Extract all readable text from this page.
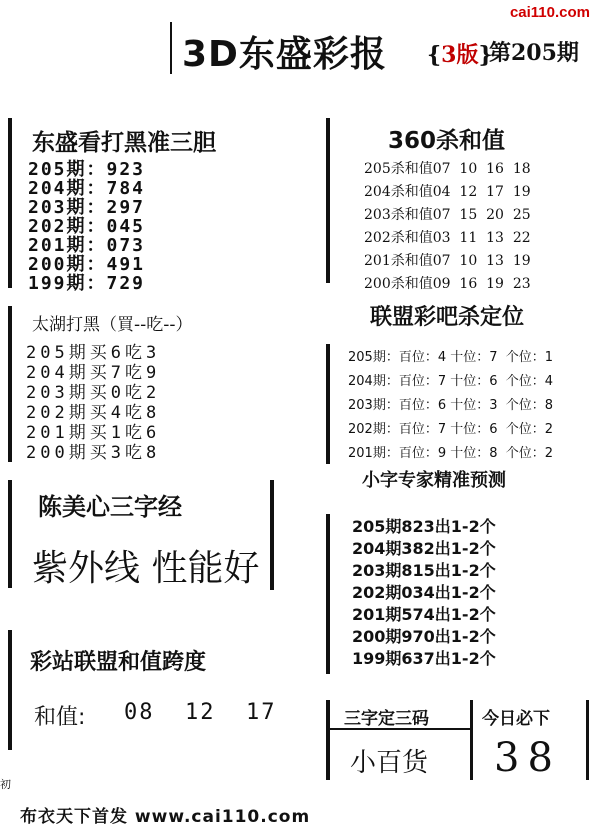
cai110.com
3D东盛彩报 {3版}
第205期
东盛看打黑准三胆
205期：923
204期：784
203期：297
202期：045
201期：073
200期：491
199期：729
太湖打黑（買--吃--）
205期买6吃3
204期买7吃9
203期买0吃2
202期买4吃8
201期买1吃6
200期买3吃8
陈美心三字经
紫外线 性能好
彩站联盟和值跨度
和值: 08  12  17
360杀和值
205杀和值07  10  16  18
204杀和值04  12  17  19
203杀和值07  15  20  25
202杀和值03  11  13  22
201杀和值07  10  13  19
200杀和值09  16  19  23
联盟彩吧杀定位
205期：百位：4 十位：7  个位：1
204期：百位：7 十位：6  个位：4
203期：百位：6 十位：3  个位：8
202期：百位：7 十位：6  个位：2
201期：百位：9 十位：8  个位：2
小字专家精准预测
205期823出1-2个
204期382出1-2个
203期815出1-2个
202期034出1-2个
201期574出1-2个
200期970出1-2个
199期637出1-2个
三字定三码
小百货
今日必下
38
初
布衣天下首发 www.cai110.com
